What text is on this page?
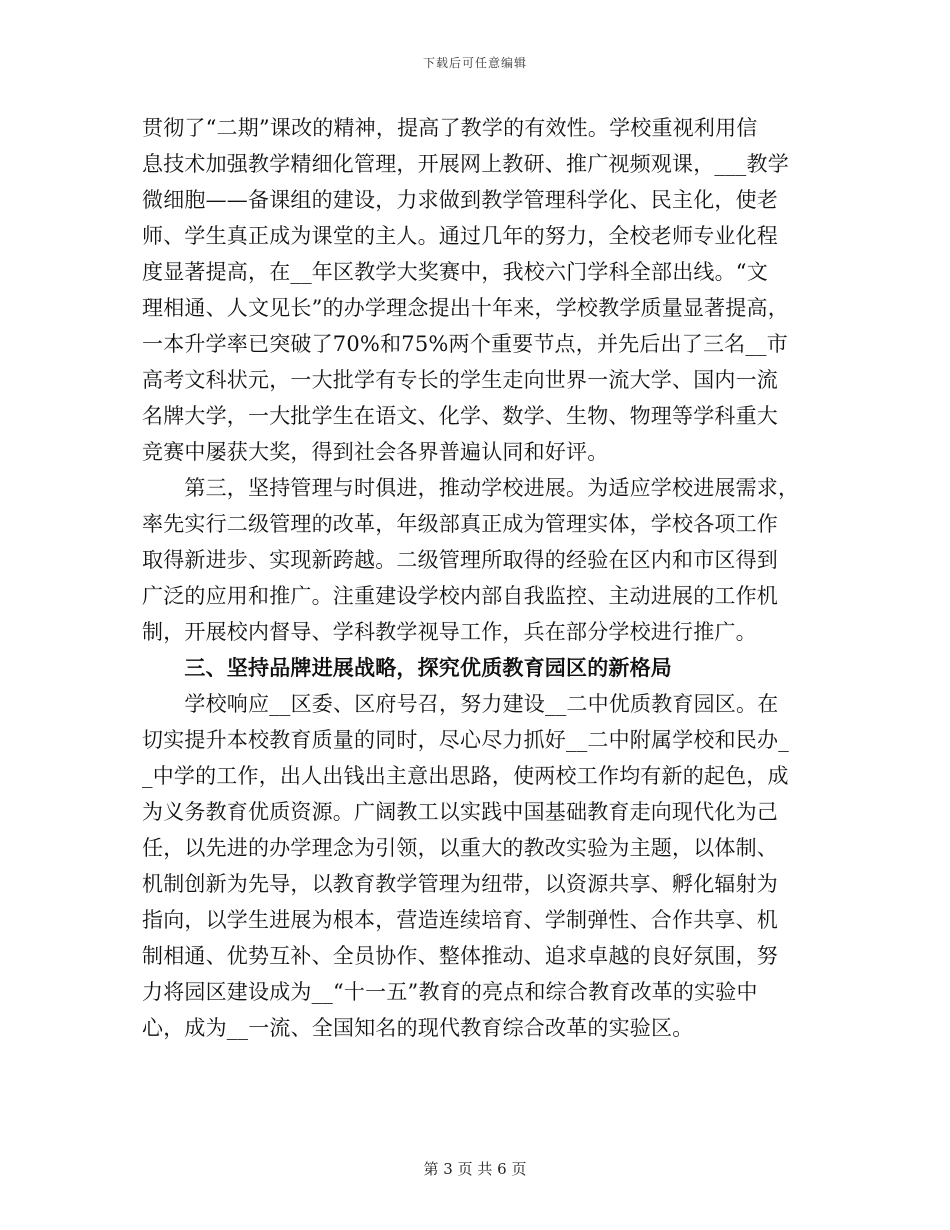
下载后可任意编辑
贯彻了“二期”课改的精神，提高了教学的有效性。学校重视利用信
息技术加强教学精细化管理，开展网上教研、推广视频观课，___教学
微细胞——备课组的建设，力求做到教学管理科学化、民主化，使老
师、学生真正成为课堂的主人。通过几年的努力，全校老师专业化程
度显著提高，在__年区教学大奖赛中，我校六门学科全部出线。“文
理相通、人文见长”的办学理念提出十年来，学校教学质量显著提高，
一本升学率已突破了70%和75%两个重要节点，并先后出了三名__市
高考文科状元，一大批学有专长的学生走向世界一流大学、国内一流
名牌大学，一大批学生在语文、化学、数学、生物、物理等学科重大
竞赛中屡获大奖，得到社会各界普遍认同和好评。
　　第三，坚持管理与时俱进，推动学校进展。为适应学校进展需求，
率先实行二级管理的改革，年级部真正成为管理实体，学校各项工作
取得新进步、实现新跨越。二级管理所取得的经验在区内和市区得到
广泛的应用和推广。注重建设学校内部自我监控、主动进展的工作机
制，开展校内督导、学科教学视导工作，兵在部分学校进行推广。
　　三、坚持品牌进展战略，探究优质教育园区的新格局
　　学校响应__区委、区府号召，努力建设__二中优质教育园区。在
切实提升本校教育质量的同时，尽心尽力抓好__二中附属学校和民办_
_中学的工作，出人出钱出主意出思路，使两校工作均有新的起色，成
为义务教育优质资源。广阔教工以实践中国基础教育走向现代化为己
任，以先进的办学理念为引领，以重大的教改实验为主题，以体制、
机制创新为先导，以教育教学管理为纽带，以资源共享、孵化辐射为
指向，以学生进展为根本，营造连续培育、学制弹性、合作共享、机
制相通、优势互补、全员协作、整体推动、追求卓越的良好氛围，努
力将园区建设成为__“十一五”教育的亮点和综合教育改革的实验中
心，成为__一流、全国知名的现代教育综合改革的实验区。
第 3 页 共 6 页
